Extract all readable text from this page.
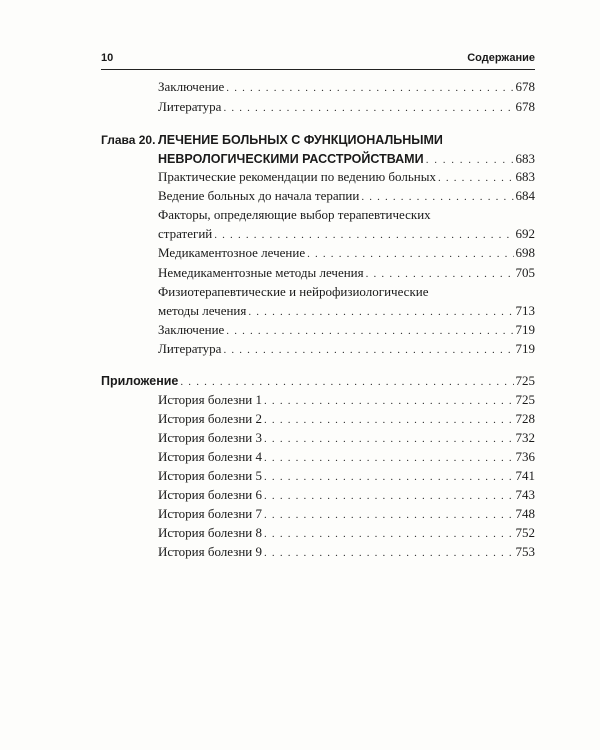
10	Содержание
Заключение . . .	678
Литература . . .	678
Глава 20. ЛЕЧЕНИЕ БОЛЬНЫХ С ФУНКЦИОНАЛЬНЫМИ
НЕВРОЛОГИЧЕСКИМИ РАССТРОЙСТВАМИ . . .	683
Практические рекомендации по ведению больных . . .	683
Ведение больных до начала терапии . . .	684
Факторы, определяющие выбор терапевтических
стратегий . . .	692
Медикаментозное лечение . . .	698
Немедикаментозные методы лечения . . .	705
Физиотерапевтические и нейрофизиологические
методы лечения . . .	713
Заключение . . .	719
Литература . . .	719
Приложение . . .	725
История болезни 1 . . .	725
История болезни 2 . . .	728
История болезни 3 . . .	732
История болезни 4 . . .	736
История болезни 5 . . .	741
История болезни 6 . . .	743
История болезни 7 . . .	748
История болезни 8 . . .	752
История болезни 9 . . .	753
